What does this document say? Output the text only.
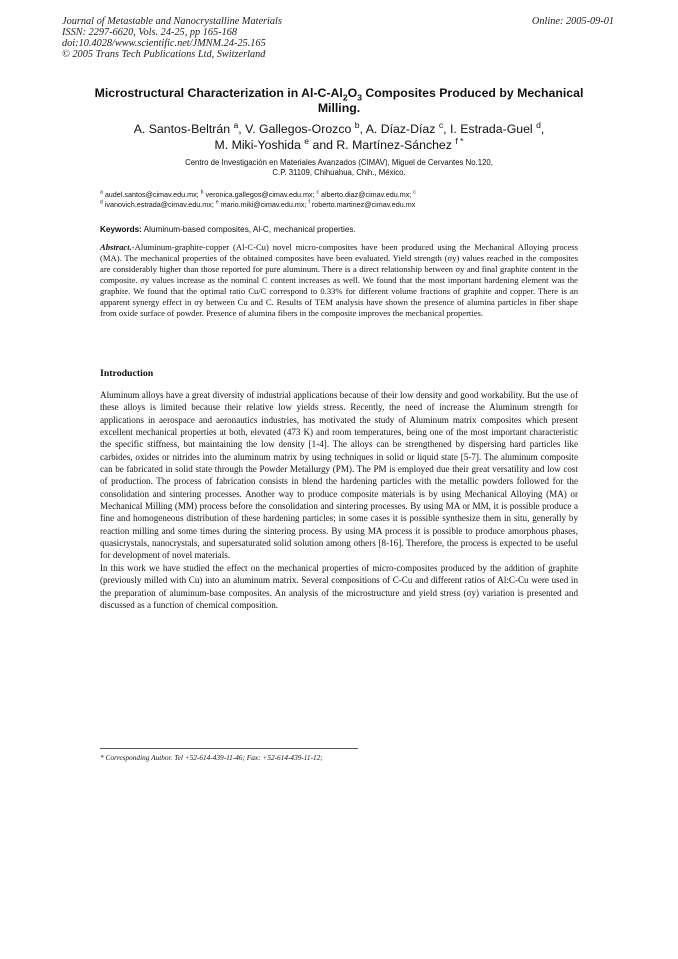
Journal of Metastable and Nanocrystalline Materials
ISSN: 2297-6620, Vols. 24-25, pp 165-168
doi:10.4028/www.scientific.net/JMNM.24-25.165
© 2005 Trans Tech Publications Ltd, Switzerland
Online: 2005-09-01
Microstructural Characterization in $Al-C-Al_2O_3$ Composites Produced by Mechanical Milling.
A. Santos-Beltrán $^a$, V. Gallegos-Orozco $^b$, A. Díaz-Díaz $^c$, I. Estrada-Guel $^d$,
M. Miki-Yoshida $^e$ and R. Martínez-Sánchez $^{f *}$
Centro de Investigación en Materiales Avanzados (CIMAV), Miguel de Cervantes No.120,
C.P. 31109, Chihuahua, Chih., México.
$^a$ audel.santos@cimav.edu.mx; $^b$ veronica.gallegos@cimav.edu.mx; $^c$ alberto.diaz@cimav.edu.mx; $^c$
$^d$ ivanovich.estrada@cimav.edu.mx; $^e$ mario.miki@cimav.edu.mx; $^f$ roberto.martinez@cimav.edu.mx
Keywords: Aluminum-based composites, Al-C, mechanical properties.
Abstract.-Aluminum-graphite-copper (Al-C-Cu) novel micro-composites have been produced using the Mechanical Alloying process (MA). The mechanical properties of the obtained composites have been evaluated. Yield strength (σy) values reached in the composites are considerably higher than those reported for pure aluminum. There is a direct relationship between σy and final graphite content in the composite. σy values increase as the nominal C content increases as well. We found that the most important hardening element was the graphite. We found that the optimal ratio Cu/C correspond to 0.33% for different volume fractions of graphite and copper. There is an apparent synergy effect in σy between Cu and C. Results of TEM analysis have shown the presence of alumina particles in fiber shape from oxide surface of powder. Presence of alumina fibers in the composite improves the mechanical properties.
Introduction

Aluminum alloys have a great diversity of industrial applications because of their low density and good workability. But the use of these alloys is limited because their relative low yields stress. Recently, the need of increase the Aluminum strength for applications in aerospace and aeronautics industries, has motivated the study of Aluminum matrix composites which present excellent mechanical properties at both, elevated (473 K) and room temperatures, being one of the most important characteristic the specific stiffness, but maintaining the low density [1-4]. The alloys can be strengthened by dispersing hard particles like carbides, oxides or nitrides into the aluminum matrix by using techniques in solid or liquid state [5-7]. The aluminum composite can be fabricated in solid state through the Powder Metallurgy (PM). The PM is employed due their great versatility and low cost of production. The process of fabrication consists in blend the hardening particles with the metallic powders followed for the consolidation and sintering processes. Another way to produce composite materials is by using Mechanical Alloying (MA) or Mechanical Milling (MM) process before the consolidation and sintering processes. By using MA or MM, it is possible produce a fine and homogeneous distribution of these hardening particles; in some cases it is possible synthesize them in situ, generally by reaction milling and some times during the sintering process. By using MA process it is possible to produce amorphous phases, quasicrystals, nanocrystals, and supersaturated solid solution among others [8-16]. Therefore, the process is expected to be useful for development of novel materials.

In this work we have studied the effect on the mechanical properties of micro-composites produced by the addition of graphite (previously milled with Cu) into an aluminum matrix. Several compositions of C-Cu and different ratios of Al:C-Cu were used in the preparation of aluminum-base composites. An analysis of the microstructure and yield stress (σy) variation is presented and discussed as a function of chemical composition.

* Corresponding Author. Tel +52-614-439-11-46; Fax: +52-614-439-11-12;
